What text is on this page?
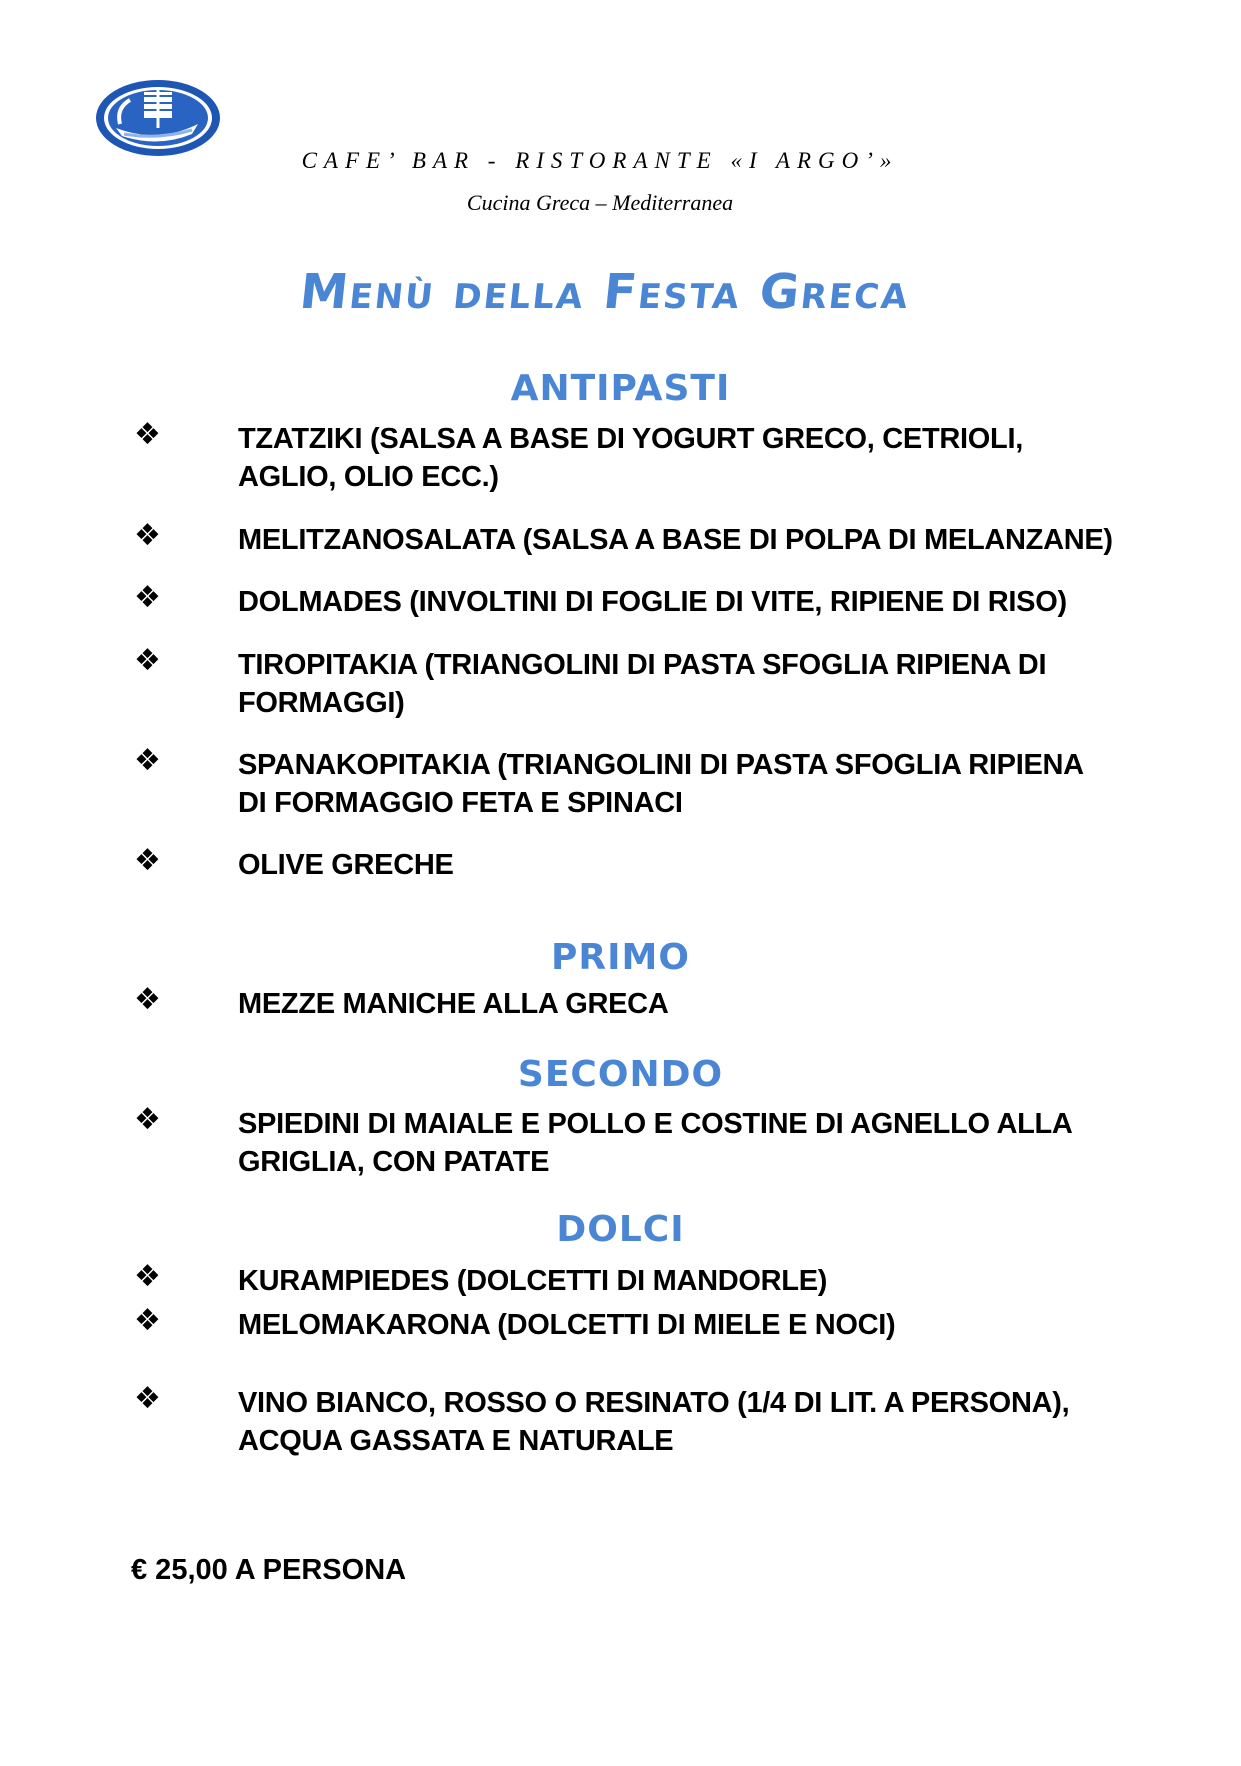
CAFE’ BAR - RISTORANTE «I ARGO’»
Cucina Greca – Mediterranea
Menù della Festa Greca
ANTIPASTI
❖	TZATZIKI (SALSA A BASE DI YOGURT GRECO, CETRIOLI, AGLIO, OLIO ECC.)
❖	MELITZANOSALATA (SALSA A BASE DI POLPA DI MELANZANE)
❖	DOLMADES (INVOLTINI DI FOGLIE DI VITE, RIPIENE DI RISO)
❖	TIROPITAKIA (TRIANGOLINI DI PASTA SFOGLIA RIPIENA DI FORMAGGI)
❖	SPANAKOPITAKIA (TRIANGOLINI DI PASTA SFOGLIA RIPIENA DI FORMAGGIO FETA E SPINACI
❖	OLIVE GRECHE
PRIMO
❖	MEZZE MANICHE ALLA GRECA
SECONDO
❖	SPIEDINI DI MAIALE E POLLO E COSTINE DI AGNELLO ALLA GRIGLIA, CON PATATE
DOLCI
❖	KURAMPIEDES (DOLCETTI DI MANDORLE)
❖	MELOMAKARONA (DOLCETTI DI MIELE E NOCI)
❖	VINO BIANCO, ROSSO O RESINATO (1/4 DI LIT. A PERSONA), ACQUA GASSATA E NATURALE
€ 25,00 A PERSONA
